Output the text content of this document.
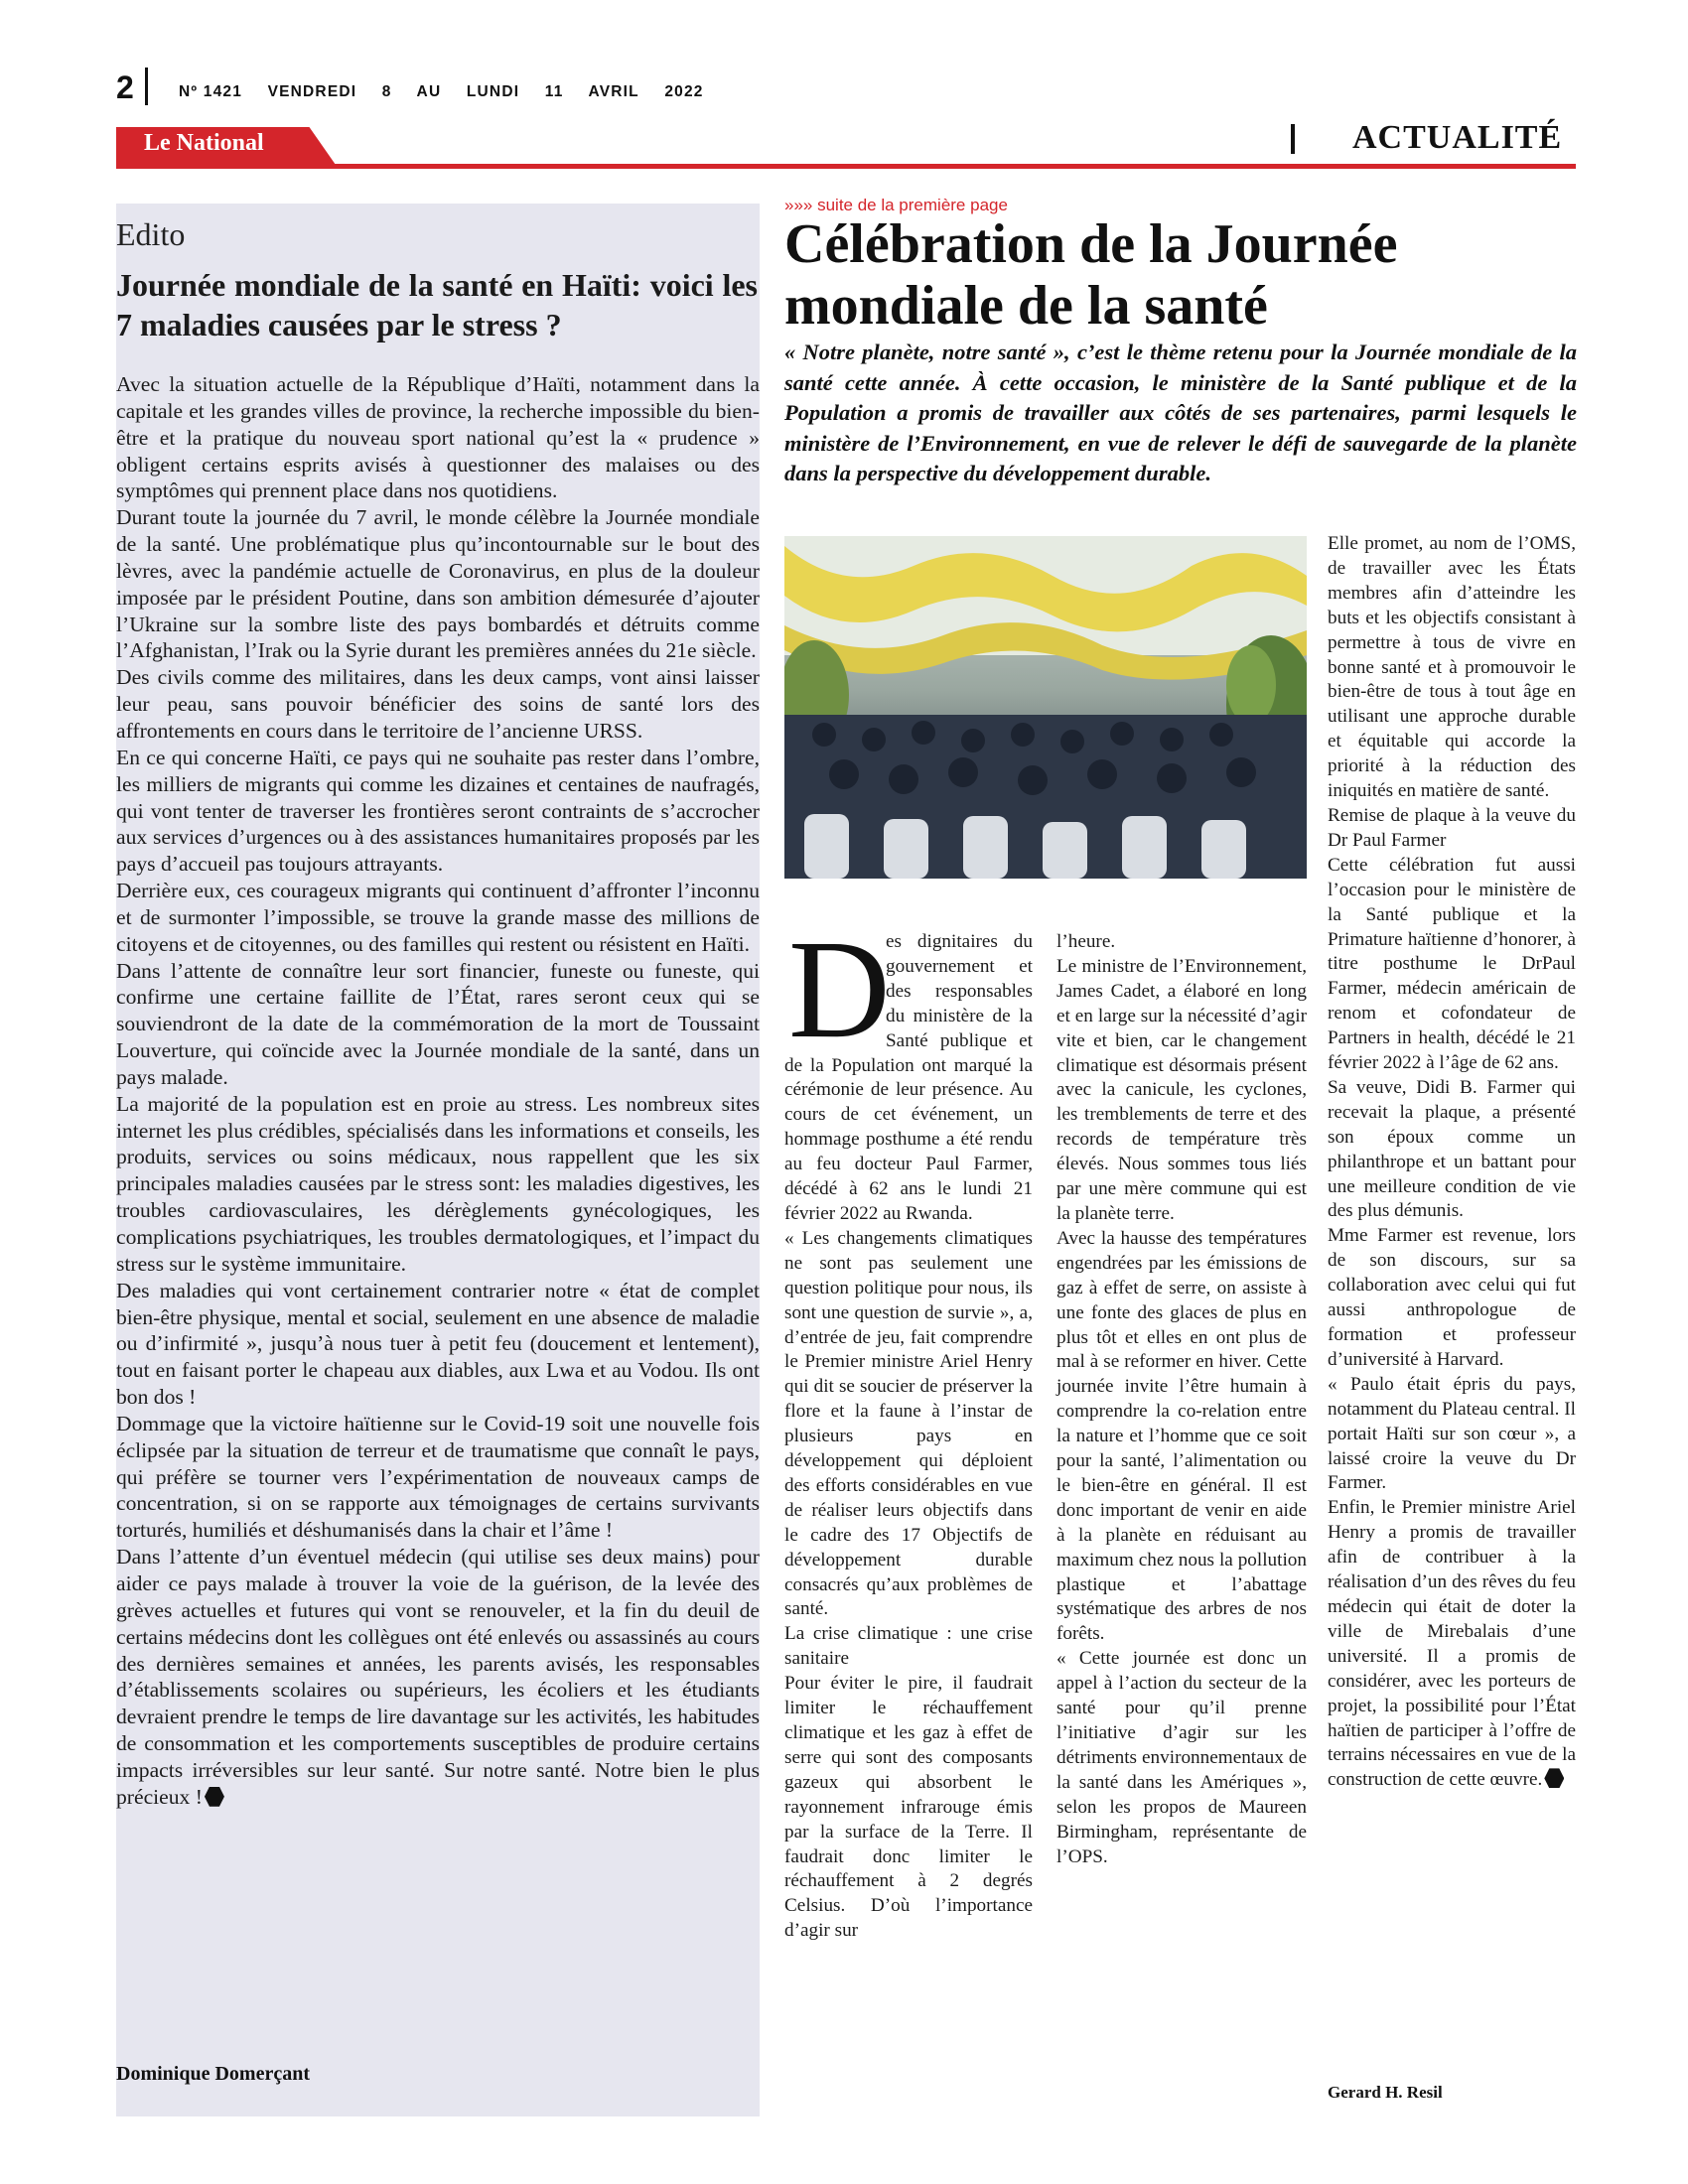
2	Nº 1421 VENDREDI 8 AU LUNDI 11 AVRIL 2022
Le National	ACTUALITÉ
Edito
Journée mondiale de la santé en Haïti: voici les 7 maladies causées par le stress ?

Avec la situation actuelle de la République d’Haïti, notamment dans la capitale et les grandes villes de province, la recherche impossible du bien-être et la pratique du nouveau sport national qu’est la « prudence » obligent certains esprits avisés à questionner des malaises ou des symptômes qui prennent place dans nos quotidiens.

Durant toute la journée du 7 avril, le monde célèbre la Journée mondiale de la santé. Une problématique plus qu’incontournable sur le bout des lèvres, avec la pandémie actuelle de Coronavirus, en plus de la douleur imposée par le président Poutine, dans son ambition démesurée d’ajouter l’Ukraine sur la sombre liste des pays bombardés et détruits comme l’Afghanistan, l’Irak ou la Syrie durant les premières années du 21e siècle.

Des civils comme des militaires, dans les deux camps, vont ainsi laisser leur peau, sans pouvoir bénéficier des soins de santé lors des affrontements en cours dans le territoire de l’ancienne URSS.

En ce qui concerne Haïti, ce pays qui ne souhaite pas rester dans l’ombre, les milliers de migrants qui comme les dizaines et centaines de naufragés, qui vont tenter de traverser les frontières seront contraints de s’accrocher aux services d’urgences ou à des assistances humanitaires proposés par les pays d’accueil pas toujours attrayants.

Derrière eux, ces courageux migrants qui continuent d’affronter l’inconnu et de surmonter l’impossible, se trouve la grande masse des millions de citoyens et de citoyennes, ou des familles qui restent ou résistent en Haïti.

Dans l’attente de connaître leur sort financier, funeste ou funeste, qui confirme une certaine faillite de l’État, rares seront ceux qui se souviendront de la date de la commémoration de la mort de Toussaint Louverture, qui coïncide avec la Journée mondiale de la santé, dans un pays malade.

La majorité de la population est en proie au stress. Les nombreux sites internet les plus crédibles, spécialisés dans les informations et conseils, les produits, services ou soins médicaux, nous rappellent que les six principales maladies causées par le stress sont: les maladies digestives, les troubles cardiovasculaires, les dérèglements gynécologiques, les complications psychiatriques, les troubles dermatologiques, et l’impact du stress sur le système immunitaire.

Des maladies qui vont certainement contrarier notre « état de complet bien-être physique, mental et social, seulement en une absence de maladie ou d’infirmité », jusqu’à nous tuer à petit feu (doucement et lentement), tout en faisant porter le chapeau aux diables, aux Lwa et au Vodou. Ils ont bon dos !

Dommage que la victoire haïtienne sur le Covid-19 soit une nouvelle fois éclipsée par la situation de terreur et de traumatisme que connaît le pays, qui préfère se tourner vers l’expérimentation de nouveaux camps de concentration, si on se rapporte aux témoignages de certains survivants torturés, humiliés et déshumanisés dans la chair et l’âme !

Dans l’attente d’un éventuel médecin (qui utilise ses deux mains) pour aider ce pays malade à trouver la voie de la guérison, de la levée des grèves actuelles et futures qui vont se renouveler, et la fin du deuil de certains médecins dont les collègues ont été enlevés ou assassinés au cours des dernières semaines et années, les parents avisés, les responsables d’établissements scolaires ou supérieurs, les écoliers et les étudiants devraient prendre le temps de lire davantage sur les activités, les habitudes de consommation et les comportements susceptibles de produire certains impacts irréversibles sur leur santé. Sur notre santé. Notre bien le plus précieux !

Dominique Domerçant
»»» suite de la première page
Célébration de la Journée mondiale de la santé

« Notre planète, notre santé », c’est le thème retenu pour la Journée mondiale de la santé cette année. À cette occasion, le ministère de la Santé publique et de la Population a promis de travailler aux côtés de ses partenaires, parmi lesquels le ministère de l’Environnement, en vue de relever le défi de sauvegarde de la planète dans la perspective du développement durable.

D
es dignitaires du gouvernement et des responsables du ministère de la Santé publique et de la Population ont marqué la cérémonie de leur présence. Au cours de cet événement, un hommage posthume a été rendu au feu docteur Paul Farmer, décédé à 62 ans le lundi 21 février 2022 au Rwanda.

« Les changements climatiques ne sont pas seulement une question politique pour nous, ils sont une question de survie », a, d’entrée de jeu, fait comprendre le Premier ministre Ariel Henry qui dit se soucier de préserver la flore et la faune à l’instar de plusieurs pays en développement qui déploient des efforts considérables en vue de réaliser leurs objectifs dans le cadre des 17 Objectifs de développement durable consacrés qu’aux problèmes de santé.

La crise climatique : une crise sanitaire

Pour éviter le pire, il faudrait limiter le réchauffement climatique et les gaz à effet de serre qui sont des composants gazeux qui absorbent le rayonnement infrarouge émis par la surface de la Terre. Il faudrait donc limiter le réchauffement à 2 degrés Celsius. D’où l’importance d’agir sur

l’heure.

Le ministre de l’Environnement, James Cadet, a élaboré en long et en large sur la nécessité d’agir vite et bien, car le changement climatique est désormais présent avec la canicule, les cyclones, les tremblements de terre et des records de température très élevés. Nous sommes tous liés par une mère commune qui est la planète terre.

Avec la hausse des températures engendrées par les émissions de gaz à effet de serre, on assiste à une fonte des glaces de plus en plus tôt et elles en ont plus de mal à se reformer en hiver. Cette journée invite l’être humain à comprendre la co-relation entre la nature et l’homme que ce soit pour la santé, l’alimentation ou le bien-être en général. Il est donc important de venir en aide à la planète en réduisant au maximum chez nous la pollution plastique et l’abattage systématique des arbres de nos forêts.

« Cette journée est donc un appel à l’action du secteur de la santé pour qu’il prenne l’initiative d’agir sur les détriments environnementaux de la santé dans les Amériques », selon les propos de Maureen Birmingham, représentante de l’OPS.

Elle promet, au nom de l’OMS, de travailler avec les États membres afin d’atteindre les buts et les objectifs consistant à permettre à tous de vivre en bonne santé et à promouvoir le bien-être de tous à tout âge en utilisant une approche durable et équitable qui accorde la priorité à la réduction des iniquités en matière de santé.

Remise de plaque à la veuve du Dr Paul Farmer

Cette célébration fut aussi l’occasion pour le ministère de la Santé publique et la Primature haïtienne d’honorer, à titre posthume le DrPaul Farmer, médecin américain de renom et cofondateur de Partners in health, décédé le 21 février 2022 à l’âge de 62 ans.

Sa veuve, Didi B. Farmer qui recevait la plaque, a présenté son époux comme un philanthrope et un battant pour une meilleure condition de vie des plus démunis.

Mme Farmer est revenue, lors de son discours, sur sa collaboration avec celui qui fut aussi anthropologue de formation et professeur d’université à Harvard.

« Paulo était épris du pays, notamment du Plateau central. Il portait Haïti sur son cœur », a laissé croire la veuve du Dr Farmer.

Enfin, le Premier ministre Ariel Henry a promis de travailler afin de contribuer à la réalisation d’un des rêves du feu médecin qui était de doter la ville de Mirebalais d’une université. Il a promis de considérer, avec les porteurs de projet, la possibilité pour l’État haïtien de participer à l’offre de terrains nécessaires en vue de la construction de cette œuvre.

Gerard H. Resil
